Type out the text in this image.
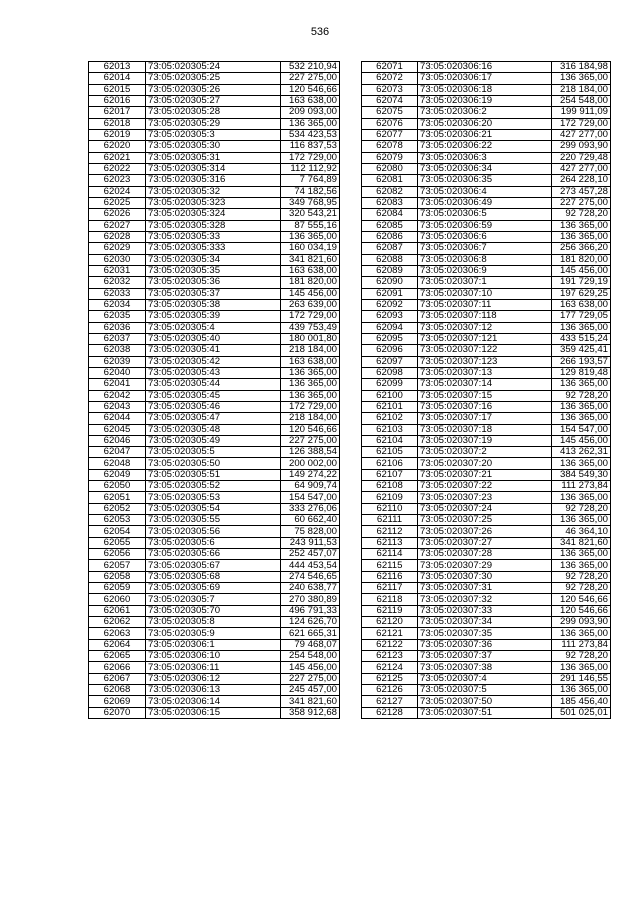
536
62013	73:05:020305:24	532 210,94
62014	73:05:020305:25	227 275,00
62015	73:05:020305:26	120 546,66
62016	73:05:020305:27	163 638,00
62017	73:05:020305:28	209 093,00
62018	73:05:020305:29	136 365,00
62019	73:05:020305:3	534 423,53
62020	73:05:020305:30	116 837,53
62021	73:05:020305:31	172 729,00
62022	73:05:020305:314	112 112,92
62023	73:05:020305:316	7 764,89
62024	73:05:020305:32	74 182,56
62025	73:05:020305:323	349 768,95
62026	73:05:020305:324	320 543,21
62027	73:05:020305:328	87 555,16
62028	73:05:020305:33	136 365,00
62029	73:05:020305:333	160 034,19
62030	73:05:020305:34	341 821,60
62031	73:05:020305:35	163 638,00
62032	73:05:020305:36	181 820,00
62033	73:05:020305:37	145 456,00
62034	73:05:020305:38	263 639,00
62035	73:05:020305:39	172 729,00
62036	73:05:020305:4	439 753,49
62037	73:05:020305:40	180 001,80
62038	73:05:020305:41	218 184,00
62039	73:05:020305:42	163 638,00
62040	73:05:020305:43	136 365,00
62041	73:05:020305:44	136 365,00
62042	73:05:020305:45	136 365,00
62043	73:05:020305:46	172 729,00
62044	73:05:020305:47	218 184,00
62045	73:05:020305:48	120 546,66
62046	73:05:020305:49	227 275,00
62047	73:05:020305:5	126 388,54
62048	73:05:020305:50	200 002,00
62049	73:05:020305:51	149 274,22
62050	73:05:020305:52	64 909,74
62051	73:05:020305:53	154 547,00
62052	73:05:020305:54	333 276,06
62053	73:05:020305:55	60 662,40
62054	73:05:020305:56	75 828,00
62055	73:05:020305:6	243 911,53
62056	73:05:020305:66	252 457,07
62057	73:05:020305:67	444 453,54
62058	73:05:020305:68	274 546,65
62059	73:05:020305:69	240 638,77
62060	73:05:020305:7	270 380,89
62061	73:05:020305:70	496 791,33
62062	73:05:020305:8	124 626,70
62063	73:05:020305:9	621 665,31
62064	73:05:020306:1	79 468,07
62065	73:05:020306:10	254 548,00
62066	73:05:020306:11	145 456,00
62067	73:05:020306:12	227 275,00
62068	73:05:020306:13	245 457,00
62069	73:05:020306:14	341 821,60
62070	73:05:020306:15	358 912,68
62071	73:05:020306:16	316 184,98
62072	73:05:020306:17	136 365,00
62073	73:05:020306:18	218 184,00
62074	73:05:020306:19	254 548,00
62075	73:05:020306:2	199 911,09
62076	73:05:020306:20	172 729,00
62077	73:05:020306:21	427 277,00
62078	73:05:020306:22	299 093,90
62079	73:05:020306:3	220 729,48
62080	73:05:020306:34	427 277,00
62081	73:05:020306:35	264 228,10
62082	73:05:020306:4	273 457,28
62083	73:05:020306:49	227 275,00
62084	73:05:020306:5	92 728,20
62085	73:05:020306:59	136 365,00
62086	73:05:020306:6	136 365,00
62087	73:05:020306:7	256 366,20
62088	73:05:020306:8	181 820,00
62089	73:05:020306:9	145 456,00
62090	73:05:020307:1	191 729,19
62091	73:05:020307:10	197 629,25
62092	73:05:020307:11	163 638,00
62093	73:05:020307:118	177 729,05
62094	73:05:020307:12	136 365,00
62095	73:05:020307:121	433 515,24
62096	73:05:020307:122	359 425,41
62097	73:05:020307:123	266 193,57
62098	73:05:020307:13	129 819,48
62099	73:05:020307:14	136 365,00
62100	73:05:020307:15	92 728,20
62101	73:05:020307:16	136 365,00
62102	73:05:020307:17	136 365,00
62103	73:05:020307:18	154 547,00
62104	73:05:020307:19	145 456,00
62105	73:05:020307:2	413 262,31
62106	73:05:020307:20	136 365,00
62107	73:05:020307:21	384 549,30
62108	73:05:020307:22	111 273,84
62109	73:05:020307:23	136 365,00
62110	73:05:020307:24	92 728,20
62111	73:05:020307:25	136 365,00
62112	73:05:020307:26	46 364,10
62113	73:05:020307:27	341 821,60
62114	73:05:020307:28	136 365,00
62115	73:05:020307:29	136 365,00
62116	73:05:020307:30	92 728,20
62117	73:05:020307:31	92 728,20
62118	73:05:020307:32	120 546,66
62119	73:05:020307:33	120 546,66
62120	73:05:020307:34	299 093,90
62121	73:05:020307:35	136 365,00
62122	73:05:020307:36	111 273,84
62123	73:05:020307:37	92 728,20
62124	73:05:020307:38	136 365,00
62125	73:05:020307:4	291 146,55
62126	73:05:020307:5	136 365,00
62127	73:05:020307:50	185 456,40
62128	73:05:020307:51	501 025,01
